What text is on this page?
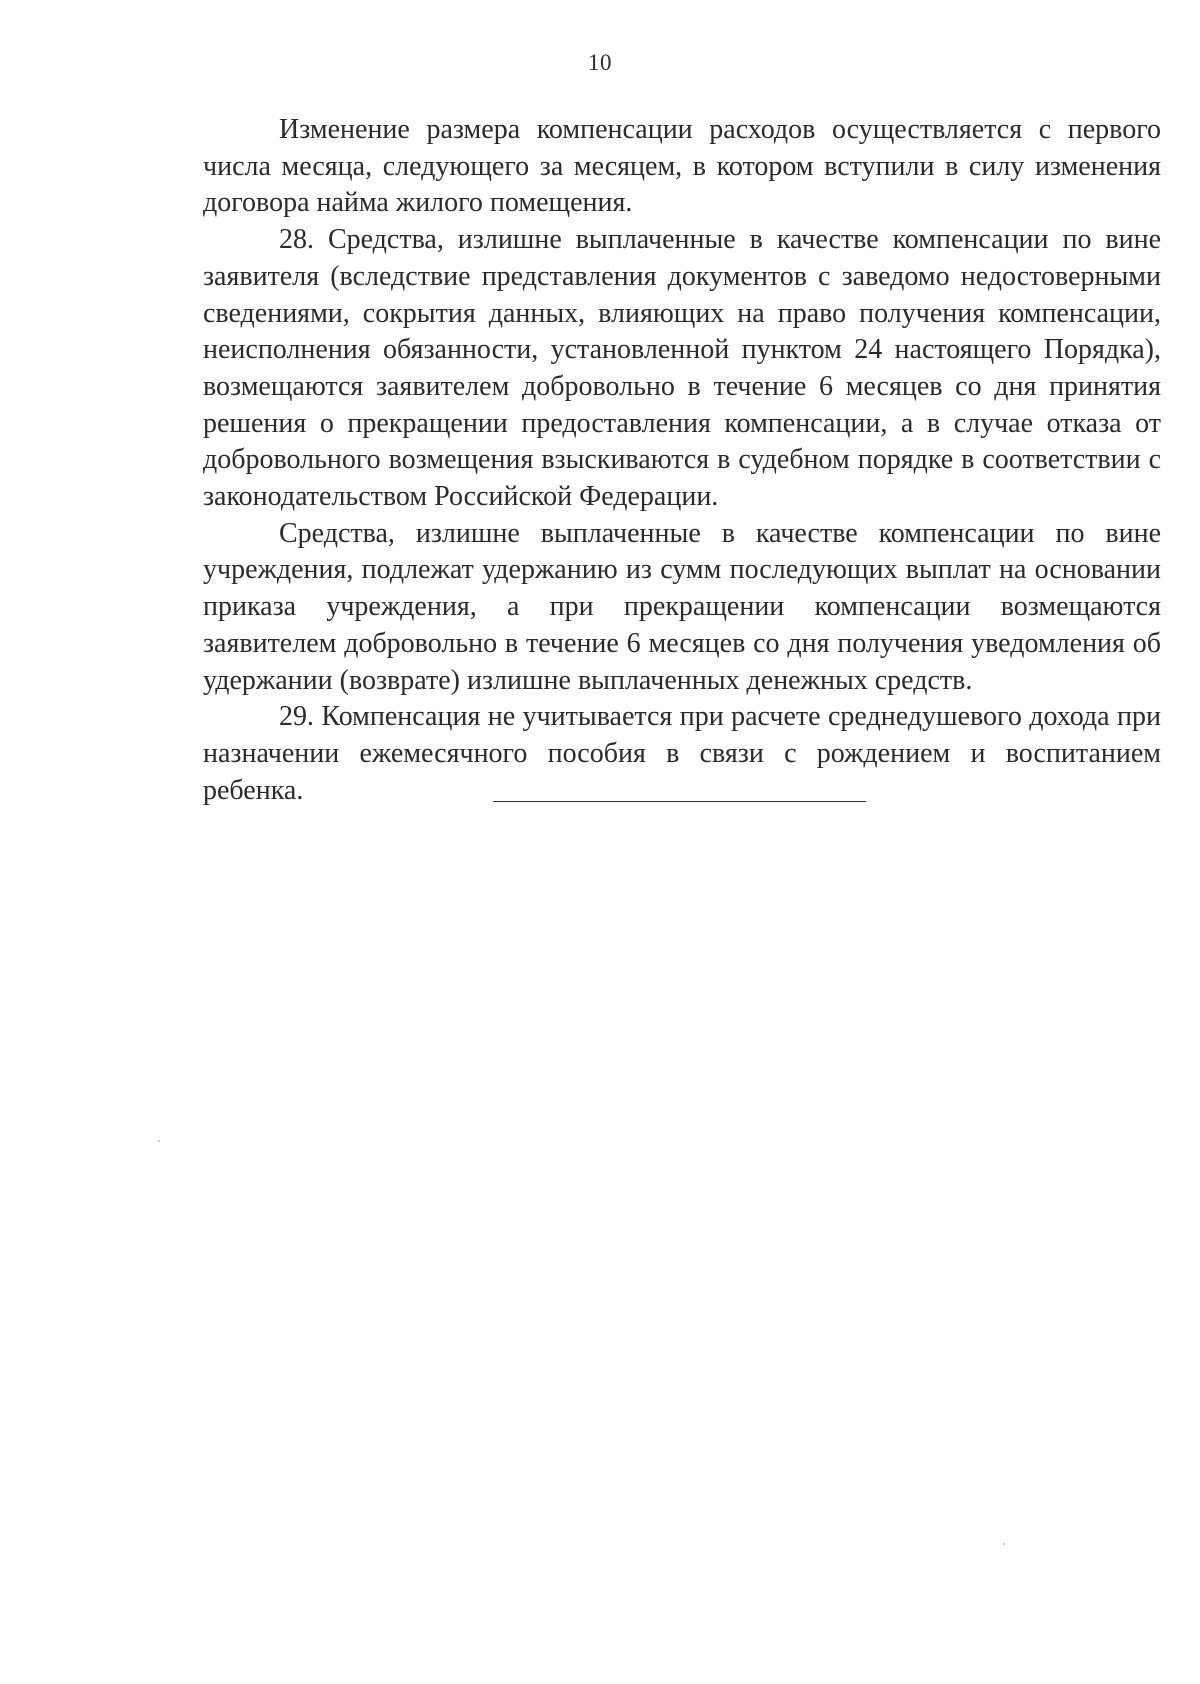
10

Изменение размера компенсации расходов осуществляется с первого числа месяца, следующего за месяцем, в котором вступили в силу изменения договора найма жилого помещения.

28. Средства, излишне выплаченные в качестве компенсации по вине заявителя (вследствие представления документов с заведомо недостоверными сведениями, сокрытия данных, влияющих на право получения компенсации, неисполнения обязанности, установленной пунктом 24 настоящего Порядка), возмещаются заявителем добровольно в течение 6 месяцев со дня принятия решения о прекращении предоставления компенсации, а в случае отказа от добровольного возмещения взыскиваются в судебном порядке в соответствии с законодательством Российской Федерации.

Средства, излишне выплаченные в качестве компенсации по вине учреждения, подлежат удержанию из сумм последующих выплат на основании приказа учреждения, а при прекращении компенсации возмещаются заявителем добровольно в течение 6 месяцев со дня получения уведомления об удержании (возврате) излишне выплаченных денежных средств.

29. Компенсация не учитывается при расчете среднедушевого дохода при назначении ежемесячного пособия в связи с рождением и воспитанием ребенка.
